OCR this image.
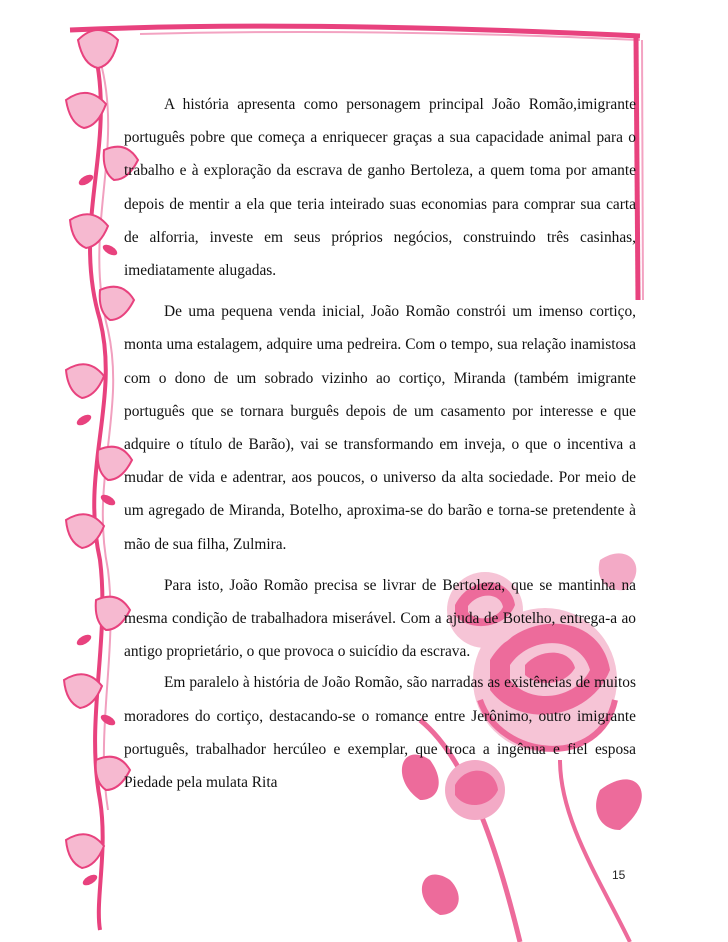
A história apresenta como personagem principal João Romão,imigrante português pobre que começa a enriquecer graças a sua capacidade animal para o trabalho e à exploração da escrava de ganho Bertoleza, a quem toma por amante depois de mentir a ela que teria inteirado suas economias para comprar sua carta de alforria, investe em seus próprios negócios, construindo três casinhas, imediatamente alugadas.

De uma pequena venda inicial, João Romão constrói um imenso cortiço, monta uma estalagem, adquire uma pedreira. Com o tempo, sua relação inamistosa com o dono de um sobrado vizinho ao cortiço, Miranda (também imigrante português que se tornara burguês depois de um casamento por interesse e que adquire o título de Barão), vai se transformando em inveja, o que o incentiva a mudar de vida e adentrar, aos poucos, o universo da alta sociedade. Por meio de um agregado de Miranda, Botelho, aproxima-se do barão e torna-se pretendente à mão de sua filha, Zulmira.

Para isto, João Romão precisa se livrar de Bertoleza, que se mantinha na mesma condição de trabalhadora miserável. Com a ajuda de Botelho, entrega-a ao antigo proprietário, o que provoca o suicídio da escrava.

Em paralelo à história de João Romão, são narradas as existências de muitos moradores do cortiço, destacando-se o romance entre Jerônimo, outro imigrante português, trabalhador hercúleo e exemplar, que troca a ingênua e fiel esposa Piedade pela mulata Rita

15
